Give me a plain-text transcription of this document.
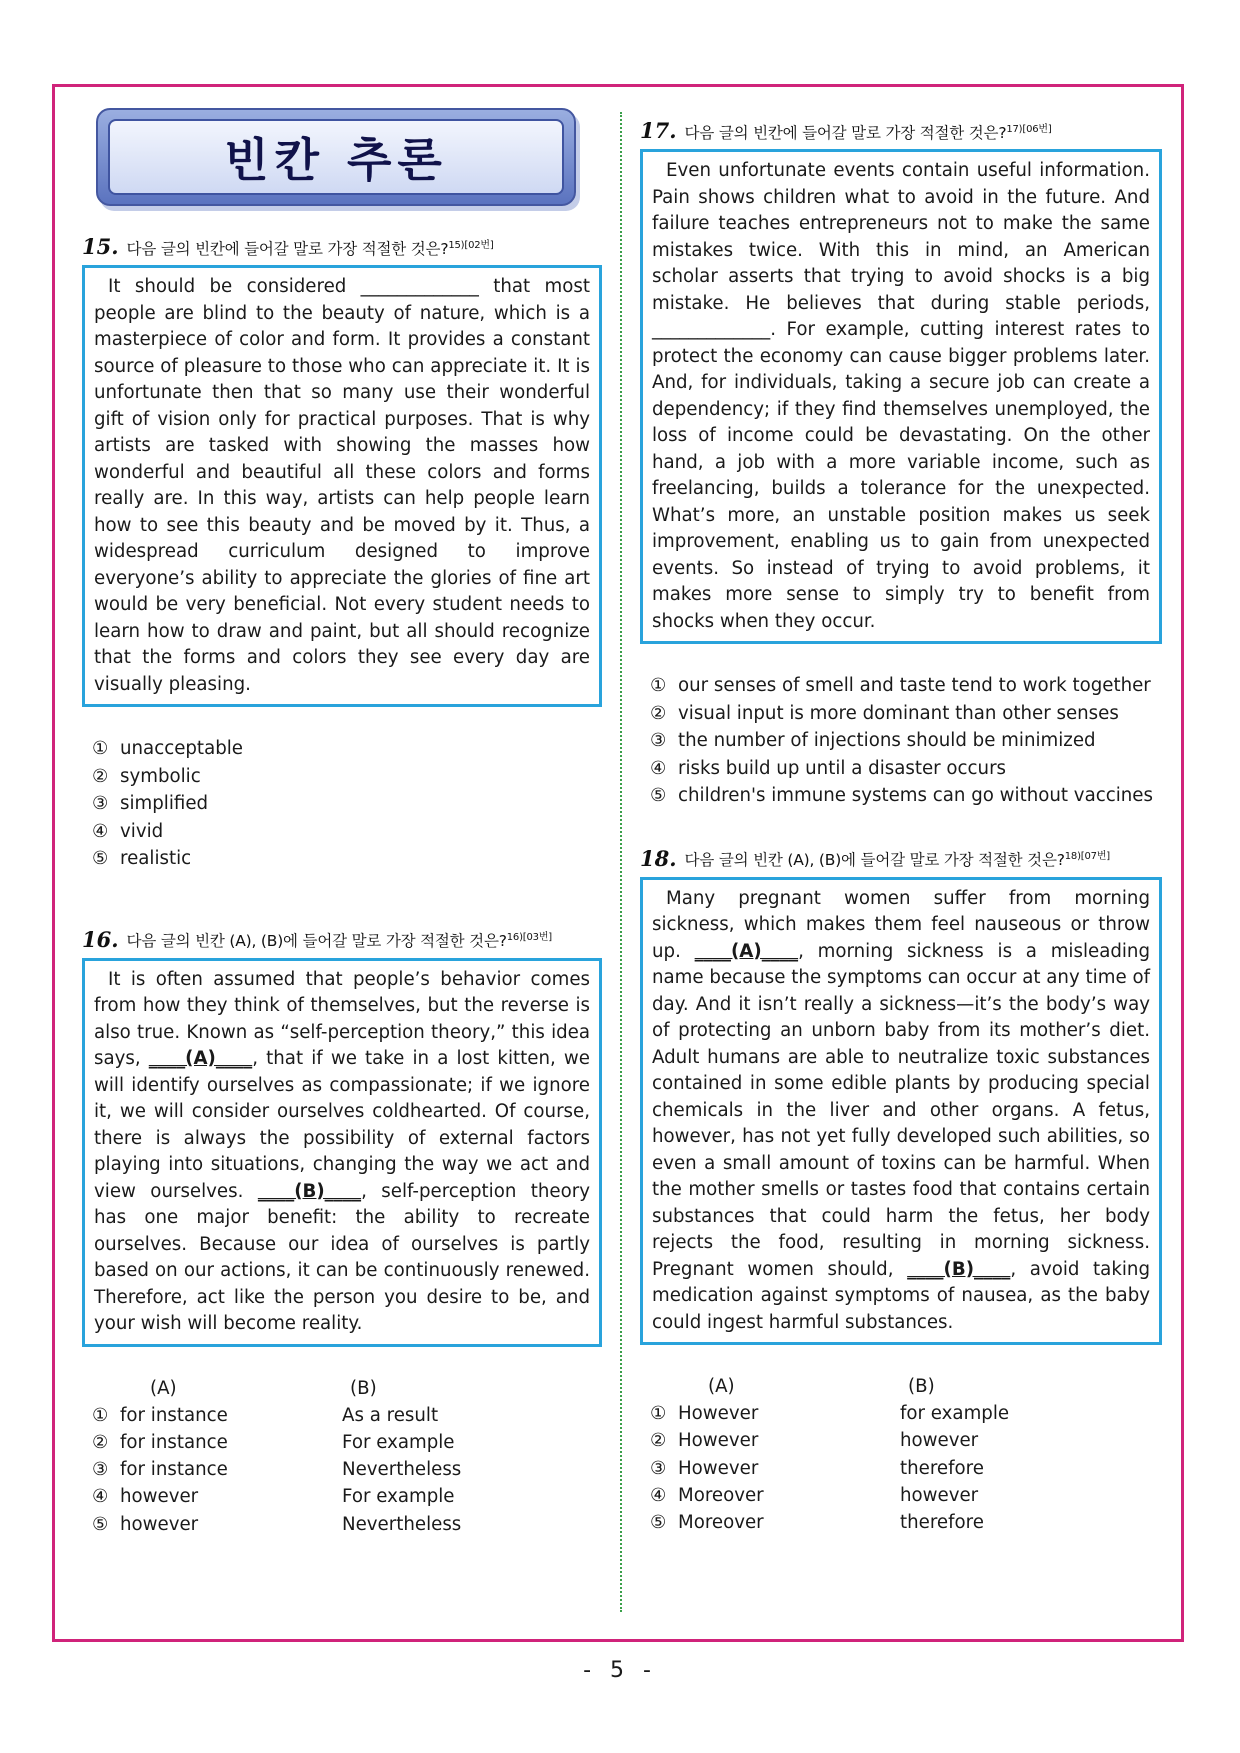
빈칸 추론
15. 다음 글의 빈칸에 들어갈 말로 가장 적절한 것은?$^{15)[02번]}$
It should be considered _____________ that most people are blind to the beauty of nature, which is a masterpiece of color and form. It provides a constant source of pleasure to those who can appreciate it. It is unfortunate then that so many use their wonderful gift of vision only for practical purposes. That is why artists are tasked with showing the masses how wonderful and beautiful all these colors and forms really are. In this way, artists can help people learn how to see this beauty and be moved by it. Thus, a widespread curriculum designed to improve everyone’s ability to appreciate the glories of fine art would be very beneficial. Not every student needs to learn how to draw and paint, but all should recognize that the forms and colors they see every day are visually pleasing.
① unacceptable
② symbolic
③ simplified
④ vivid
⑤ realistic
16. 다음 글의 빈칸 (A), (B)에 들어갈 말로 가장 적절한 것은?$^{16)[03번]}$
It is often assumed that people’s behavior comes from how they think of themselves, but the reverse is also true. Known as “self-perception theory,” this idea says, ____(A)____, that if we take in a lost kitten, we will identify ourselves as compassionate; if we ignore it, we will consider ourselves coldhearted. Of course, there is always the possibility of external factors playing into situations, changing the way we act and view ourselves. ____(B)____, self-perception theory has one major benefit: the ability to recreate ourselves. Because our idea of ourselves is partly based on our actions, it can be continuously renewed. Therefore, act like the person you desire to be, and your wish will become reality.
(A)	(B)
① for instance	As a result
② for instance	For example
③ for instance	Nevertheless
④ however	For example
⑤ however	Nevertheless
17. 다음 글의 빈칸에 들어갈 말로 가장 적절한 것은?$^{17)[06번]}$
Even unfortunate events contain useful information. Pain shows children what to avoid in the future. And failure teaches entrepreneurs not to make the same mistakes twice. With this in mind, an American scholar asserts that trying to avoid shocks is a big mistake. He believes that during stable periods, _____________. For example, cutting interest rates to protect the economy can cause bigger problems later. And, for individuals, taking a secure job can create a dependency; if they find themselves unemployed, the loss of income could be devastating. On the other hand, a job with a more variable income, such as freelancing, builds a tolerance for the unexpected. What’s more, an unstable position makes us seek improvement, enabling us to gain from unexpected events. So instead of trying to avoid problems, it makes more sense to simply try to benefit from shocks when they occur.
① our senses of smell and taste tend to work together
② visual input is more dominant than other senses
③ the number of injections should be minimized
④ risks build up until a disaster occurs
⑤ children's immune systems can go without vaccines
18. 다음 글의 빈칸 (A), (B)에 들어갈 말로 가장 적절한 것은?$^{18)[07번]}$
Many pregnant women suffer from morning sickness, which makes them feel nauseous or throw up. ____(A)____, morning sickness is a misleading name because the symptoms can occur at any time of day. And it isn’t really a sickness—it’s the body’s way of protecting an unborn baby from its mother’s diet. Adult humans are able to neutralize toxic substances contained in some edible plants by producing special chemicals in the liver and other organs. A fetus, however, has not yet fully developed such abilities, so even a small amount of toxins can be harmful. When the mother smells or tastes food that contains certain substances that could harm the fetus, her body rejects the food, resulting in morning sickness. Pregnant women should, ____(B)____, avoid taking medication against symptoms of nausea, as the baby could ingest harmful substances.
(A)	(B)
① However	for example
② However	however
③ However	therefore
④ Moreover	however
⑤ Moreover	therefore
- 5 -
